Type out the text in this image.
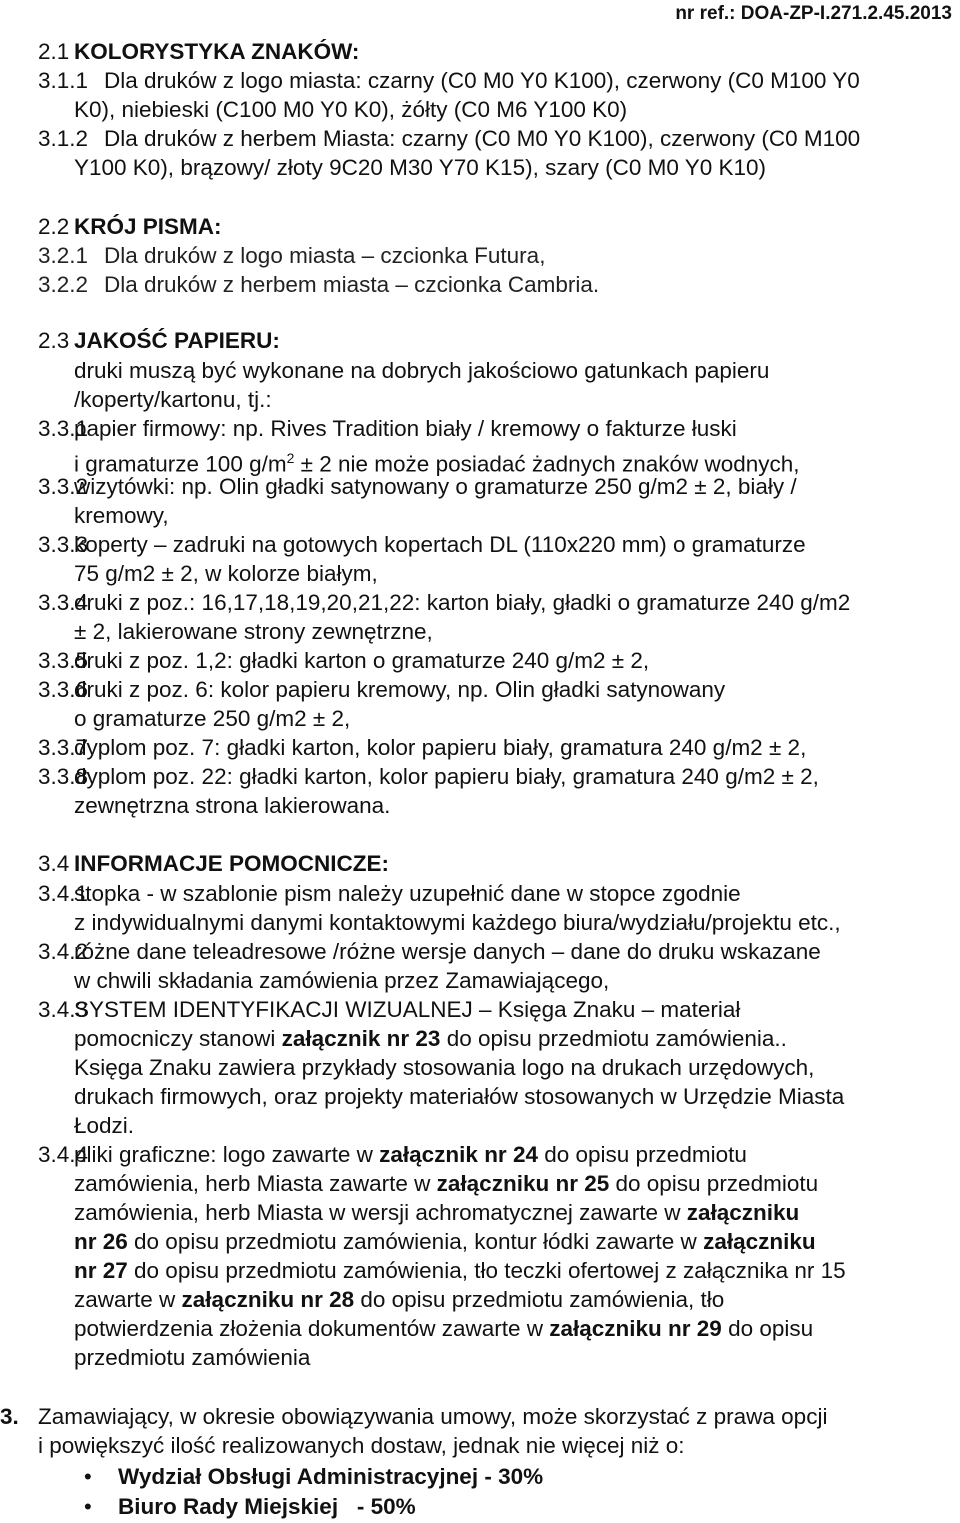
nr ref.: DOA-ZP-I.271.2.45.2013
2.1 KOLORYSTYKA ZNAKÓW:
3.1.1 Dla druków z logo miasta: czarny (C0 M0 Y0 K100), czerwony (C0 M100 Y0
K0), niebieski (C100 M0 Y0 K0), żółty (C0 M6 Y100 K0)
3.1.2 Dla druków z herbem Miasta: czarny (C0 M0 Y0 K100), czerwony (C0 M100
Y100 K0), brązowy/ złoty 9C20 M30 Y70 K15), szary (C0 M0 Y0 K10)
2.2 KRÓJ PISMA:
3.2.1 Dla druków z logo miasta – czcionka Futura,
3.2.2 Dla druków z herbem miasta – czcionka Cambria.
2.3 JAKOŚĆ PAPIERU:
druki muszą być wykonane na dobrych jakościowo gatunkach papieru
/koperty/kartonu, tj.:
3.3.1
papier firmowy: np. Rives Tradition biały / kremowy o fakturze łuski
i gramaturze 100 $g/m^2 \pm 2$ nie może posiadać żadnych znaków wodnych,
3.3.2
wizytówki: np. Olin gładki satynowany o gramaturze 250 g/m2 ± 2, biały /
kremowy,
3.3.3
koperty – zadruki na gotowych kopertach DL (110x220 mm) o gramaturze
75 g/m2 ± 2, w kolorze białym,
3.3.4
druki z poz.: 16,17,18,19,20,21,22: karton biały, gładki o gramaturze 240 g/m2
± 2, lakierowane strony zewnętrzne,
3.3.5
druki z poz. 1,2: gładki karton o gramaturze 240 g/m2 ± 2,
3.3.6
druki z poz. 6: kolor papieru kremowy, np. Olin gładki satynowany
o gramaturze 250 g/m2 ± 2,
3.3.7
dyplom poz. 7: gładki karton, kolor papieru biały, gramatura 240 g/m2 ± 2,
3.3.8
dyplom poz. 22: gładki karton, kolor papieru biały, gramatura 240 g/m2 ± 2,
zewnętrzna strona lakierowana.
3.4 INFORMACJE POMOCNICZE:
3.4.1
stopka - w szablonie pism należy uzupełnić dane w stopce zgodnie
z indywidualnymi danymi kontaktowymi każdego biura/wydziału/projektu etc.,
3.4.2
różne dane teleadresowe /różne wersje danych – dane do druku wskazane
w chwili składania zamówienia przez Zamawiającego,
3.4.3
SYSTEM IDENTYFIKACJI WIZUALNEJ – Księga Znaku – materiał
pomocniczy stanowi załącznik nr 23 do opisu przedmiotu zamówienia..
Księga Znaku zawiera przykłady stosowania logo na drukach urzędowych,
drukach firmowych, oraz projekty materiałów stosowanych w Urzędzie Miasta
Łodzi.
3.4.4
pliki graficzne: logo zawarte w załącznik nr 24 do opisu przedmiotu
zamówienia, herb Miasta zawarte w załączniku nr 25 do opisu przedmiotu
zamówienia, herb Miasta w wersji achromatycznej zawarte w załączniku
nr 26 do opisu przedmiotu zamówienia, kontur łódki zawarte w załączniku
nr 27 do opisu przedmiotu zamówienia, tło teczki ofertowej z załącznika nr 15
zawarte w załączniku nr 28 do opisu przedmiotu zamówienia, tło
potwierdzenia złożenia dokumentów zawarte w załączniku nr 29 do opisu
przedmiotu zamówienia
3. Zamawiający, w okresie obowiązywania umowy, może skorzystać z prawa opcji
i powiększyć ilość realizowanych dostaw, jednak nie więcej niż o:
• Wydział Obsługi Administracyjnej - 30%
• Biuro Rady Miejskiej   - 50%
